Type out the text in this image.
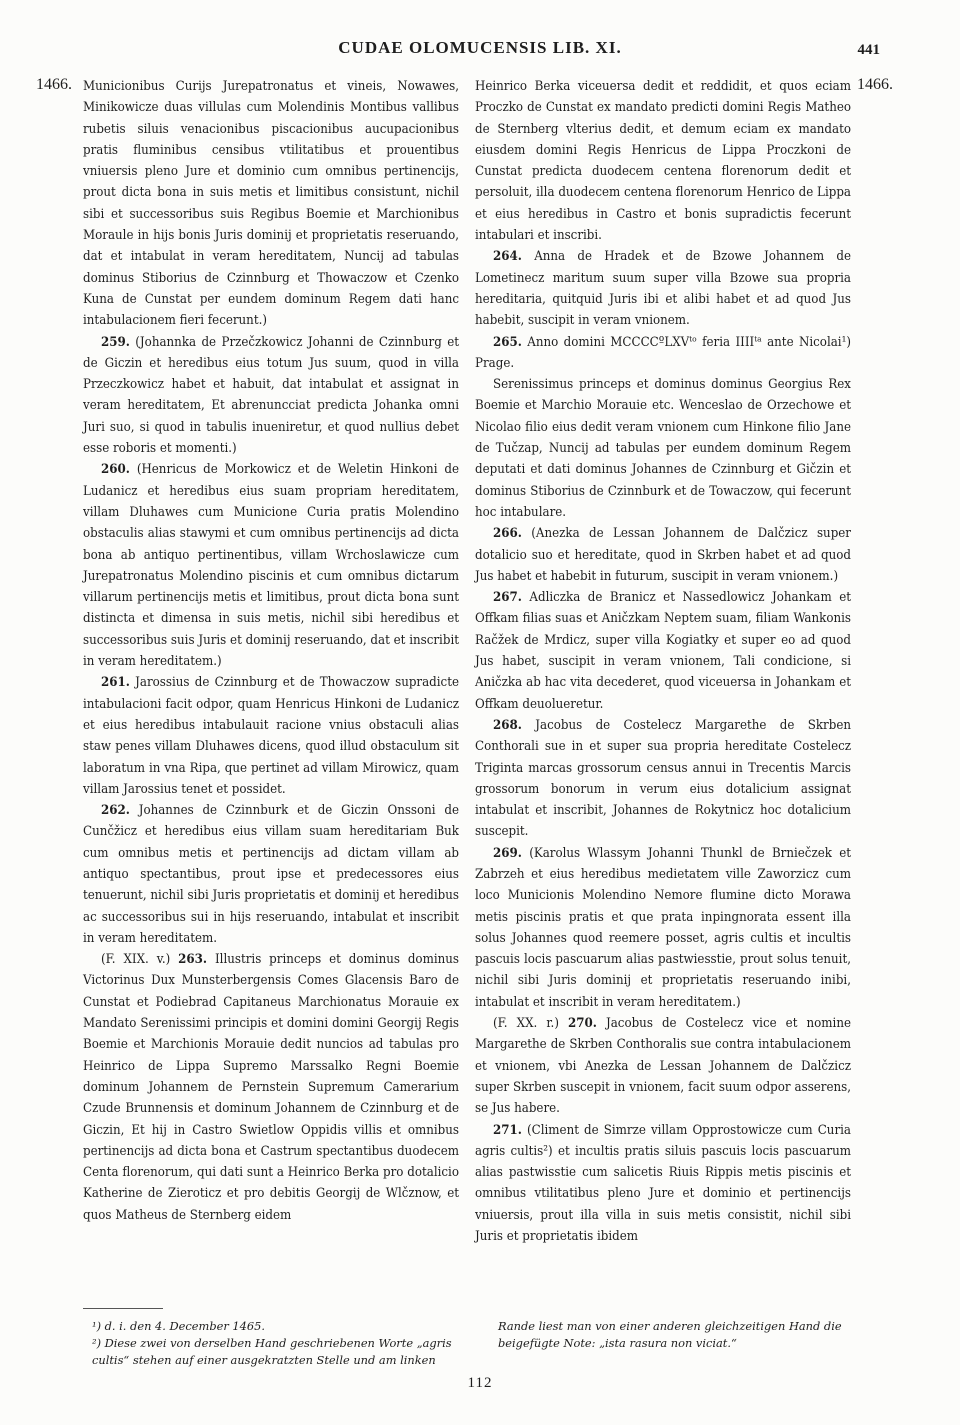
CUDAE OLOMUCENSIS LIB. XI.	441
1466.	1466.

Municionibus Curijs Jurepatronatus et vineis, Nowawes, Minikowicze duas villulas cum Molendinis Montibus vallibus rubetis siluis venacionibus piscacionibus aucupacionibus pratis fluminibus censibus vtilitatibus et prouentibus vniuersis pleno Jure et dominio cum omnibus pertinencijs, prout dicta bona in suis metis et limitibus consistunt, nichil sibi et successoribus suis Regibus Boemie et Marchionibus Moraule in hijs bonis Juris dominij et proprietatis reseruando, dat et intabulat in veram hereditatem, Nuncij ad tabulas dominus Stiborius de Czinnburg et Thowaczow et Czenko Kuna de Cunstat per eundem dominum Regem dati hanc intabulacionem fieri fecerunt.)

259. (Johannka de Przečzkowicz Johanni de Czinnburg et de Giczin et heredibus eius totum Jus suum, quod in villa Przeczkowicz habet et habuit, dat intabulat et assignat in veram hereditatem, Et abrenuncciat predicta Johanka omni Juri suo, si quod in tabulis inueniretur, et quod nullius debet esse roboris et momenti.)

260. (Henricus de Morkowicz et de Weletin Hinkoni de Ludanicz et heredibus eius suam propriam hereditatem, villam Dluhawes cum Municione Curia pratis Molendino obstaculis alias stawymi et cum omnibus pertinencijs ad dicta bona ab antiquo pertinentibus, villam Wrchoslawicze cum Jurepatronatus Molendino piscinis et cum omnibus dictarum villarum pertinencijs metis et limitibus, prout dicta bona sunt distincta et dimensa in suis metis, nichil sibi heredibus et successoribus suis Juris et dominij reseruando, dat et inscribit in veram hereditatem.)

261. Jarossius de Czinnburg et de Thowaczow supradicte intabulacioni facit odpor, quam Henricus Hinkoni de Ludanicz et eius heredibus intabulauit racione vnius obstaculi alias staw penes villam Dluhawes dicens, quod illud obstaculum sit laboratum in vna Ripa, que pertinet ad villam Mirowicz, quam villam Jarossius tenet et possidet.

262. Johannes de Czinnburk et de Giczin Onssoni de Cunčžicz et heredibus eius villam suam hereditariam Buk cum omnibus metis et pertinencijs ad dictam villam ab antiquo spectantibus, prout ipse et predecessores eius tenuerunt, nichil sibi Juris proprietatis et dominij et heredibus ac successoribus sui in hijs reseruando, intabulat et inscribit in veram hereditatem.

(F. XIX. v.) 263. Illustris princeps et dominus dominus Victorinus Dux Munsterbergensis Comes Glacensis Baro de Cunstat et Podiebrad Capitaneus Marchionatus Morauie ex Mandato Serenissimi principis et domini domini Georgij Regis Boemie et Marchionis Morauie dedit nuncios ad tabulas pro Heinrico de Lippa Supremo Marssalko Regni Boemie dominum Johannem de Pernstein Supremum Camerarium Czude Brunnensis et dominum Johannem de Czinnburg et de Giczin, Et hij in Castro Swietlow Oppidis villis et omnibus pertinencijs ad dicta bona et Castrum spectantibus duodecem Centa florenorum, qui dati sunt a Heinrico Berka pro dotalicio Katherine de Zieroticz et pro debitis Georgij de Wlčznow, et quos Matheus de Sternberg eidem

Heinrico Berka viceuersa dedit et reddidit, et quos eciam Proczko de Cunstat ex mandato predicti domini Regis Matheo de Sternberg vlterius dedit, et demum eciam ex mandato eiusdem domini Regis Henricus de Lippa Proczkoni de Cunstat predicta duodecem centena florenorum dedit et persoluit, illa duodecem centena florenorum Henrico de Lippa et eius heredibus in Castro et bonis supradictis fecerunt intabulari et inscribi.

264. Anna de Hradek et de Bzowe Johannem de Lometinecz maritum suum super villa Bzowe sua propria hereditaria, quitquid Juris ibi et alibi habet et ad quod Jus habebit, suscipit in veram vnionem.

265. Anno domini MCCCCºLXVᵗᵒ feria IIIIᵗᵃ ante Nicolai¹) Prage.

Serenissimus princeps et dominus dominus Georgius Rex Boemie et Marchio Morauie etc. Wenceslao de Orzechowe et Nicolao filio eius dedit veram vnionem cum Hinkone filio Jane de Tučzap, Nuncij ad tabulas per eundem dominum Regem deputati et dati dominus Johannes de Czinnburg et Gičzin et dominus Stiborius de Czinnburk et de Towaczow, qui fecerunt hoc intabulare.

266. (Anezka de Lessan Johannem de Dalčzicz super dotalicio suo et hereditate, quod in Skrben habet et ad quod Jus habet et habebit in futurum, suscipit in veram vnionem.)

267. Adliczka de Branicz et Nassedlowicz Johankam et Offkam filias suas et Aničzkam Neptem suam, filiam Wankonis Račžek de Mrdicz, super villa Kogiatky et super eo ad quod Jus habet, suscipit in veram vnionem, Tali condicione, si Aničzka ab hac vita decederet, quod viceuersa in Johankam et Offkam deuolueretur.

268. Jacobus de Costelecz Margarethe de Skrben Conthorali sue in et super sua propria hereditate Costelecz Triginta marcas grossorum census annui in Trecentis Marcis grossorum bonorum in verum eius dotalicium assignat intabulat et inscribit, Johannes de Rokytnicz hoc dotalicium suscepit.

269. (Karolus Wlassym Johanni Thunkl de Brniečzek et Zabrzeh et eius heredibus medietatem ville Zaworzicz cum loco Municionis Molendino Nemore flumine dicto Morawa metis piscinis pratis et que prata inpingnorata essent illa solus Johannes quod reemere posset, agris cultis et incultis pascuis locis pascuarum alias pastwiesstie, prout solus tenuit, nichil sibi Juris dominij et proprietatis reseruando inibi, intabulat et inscribit in veram hereditatem.)

(F. XX. r.) 270. Jacobus de Costelecz vice et nomine Margarethe de Skrben Conthoralis sue contra intabulacionem et vnionem, vbi Anezka de Lessan Johannem de Dalčzicz super Skrben suscepit in vnionem, facit suum odpor asserens, se Jus habere.

271. (Climent de Simrze villam Opprostowicze cum Curia agris cultis²) et incultis pratis siluis pascuis locis pascuarum alias pastwisstie cum salicetis Riuis Rippis metis piscinis et omnibus vtilitatibus pleno Jure et dominio et pertinencijs vniuersis, prout illa villa in suis metis consistit, nichil sibi Juris et proprietatis ibidem

¹) d. i. den 4. December 1465.

²) Diese zwei von derselben Hand geschriebenen Worte „agris cultis“ stehen auf einer ausgekratzten Stelle und am linken

Rande liest man von einer anderen gleichzeitigen Hand die beigefügte Note: „ista rasura non viciat.“

112
